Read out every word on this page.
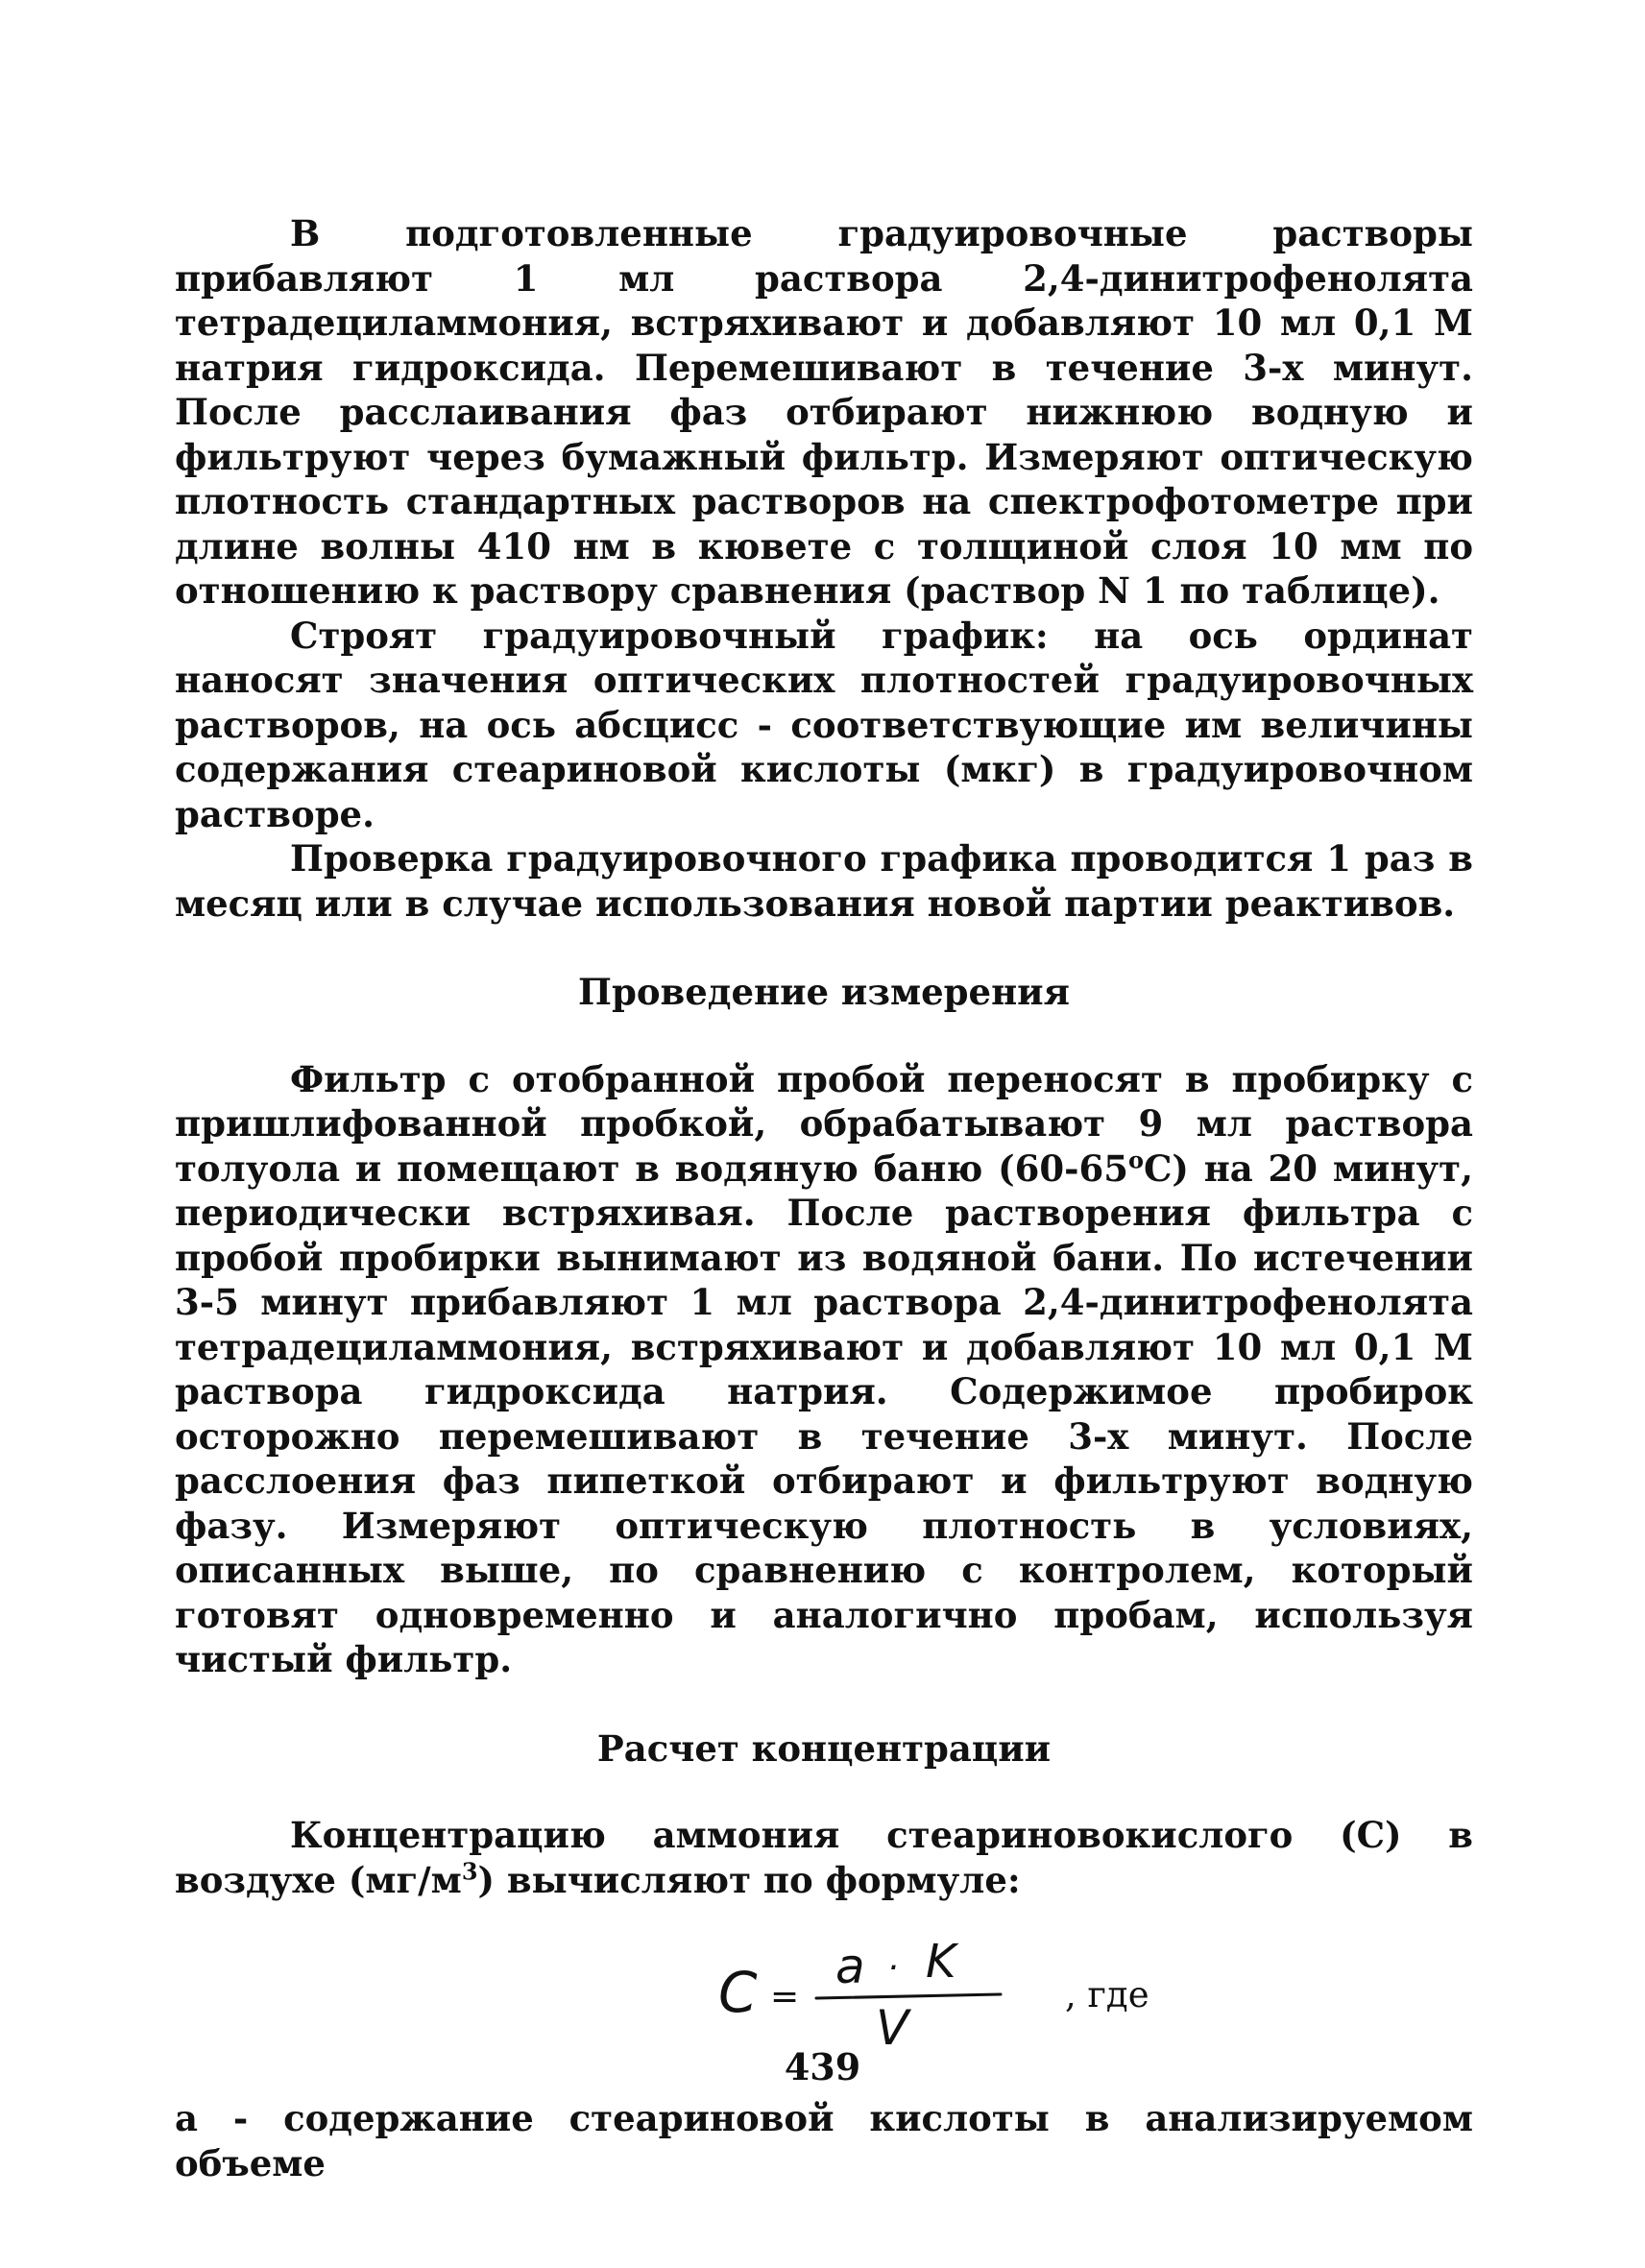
В подготовленные градуировочные растворы прибавляют 1 мл раствора 2,4-динитрофенолята тетрадециламмония, встряхивают и добавляют 10 мл 0,1 М натрия гидроксида. Перемешивают в течение 3-х минут. После расслаивания фаз отбирают нижнюю водную и фильтруют через бумажный фильтр. Измеряют оптическую плотность стандартных растворов на спектрофотометре при длине волны 410 нм в кювете с толщиной слоя 10 мм по отношению к раствору сравнения (раствор N 1 по таблице).

Строят градуировочный график: на ось ординат наносят значения оптических плотностей градуировочных растворов, на ось абсцисс - соответствующие им величины содержания стеариновой кислоты (мкг) в градуировочном растворе.

Проверка градуировочного графика проводится 1 раз в месяц или в случае использования новой партии реактивов.

Проведение измерения

Фильтр с отобранной пробой переносят в пробирку с пришлифованной пробкой, обрабатывают 9 мл раствора толуола и помещают в водяную баню $(60-65^оС)$ на 20 минут, периодически встряхивая. После растворения фильтра с пробой пробирки вынимают из водяной бани. По истечении 3-5 минут прибавляют 1 мл раствора 2,4-динитрофенолята тетрадециламмония, встряхивают и добавляют 10 мл 0,1 М раствора гидроксида натрия. Содержимое пробирок осторожно перемешивают в течение 3-х минут. После расслоения фаз пипеткой отбирают и фильтруют водную фазу. Измеряют оптическую плотность в условиях, описанных выше, по сравнению с контролем, который готовят одновременно и аналогично пробам, используя чистый фильтр.

Расчет концентрации

Концентрацию аммония стеариновокислого (С) в воздухе $(мг/м^3)$ вычисляют по формуле:

C =
a · K
V
, где

а - содержание стеариновой кислоты в анализируемом объеме

439
